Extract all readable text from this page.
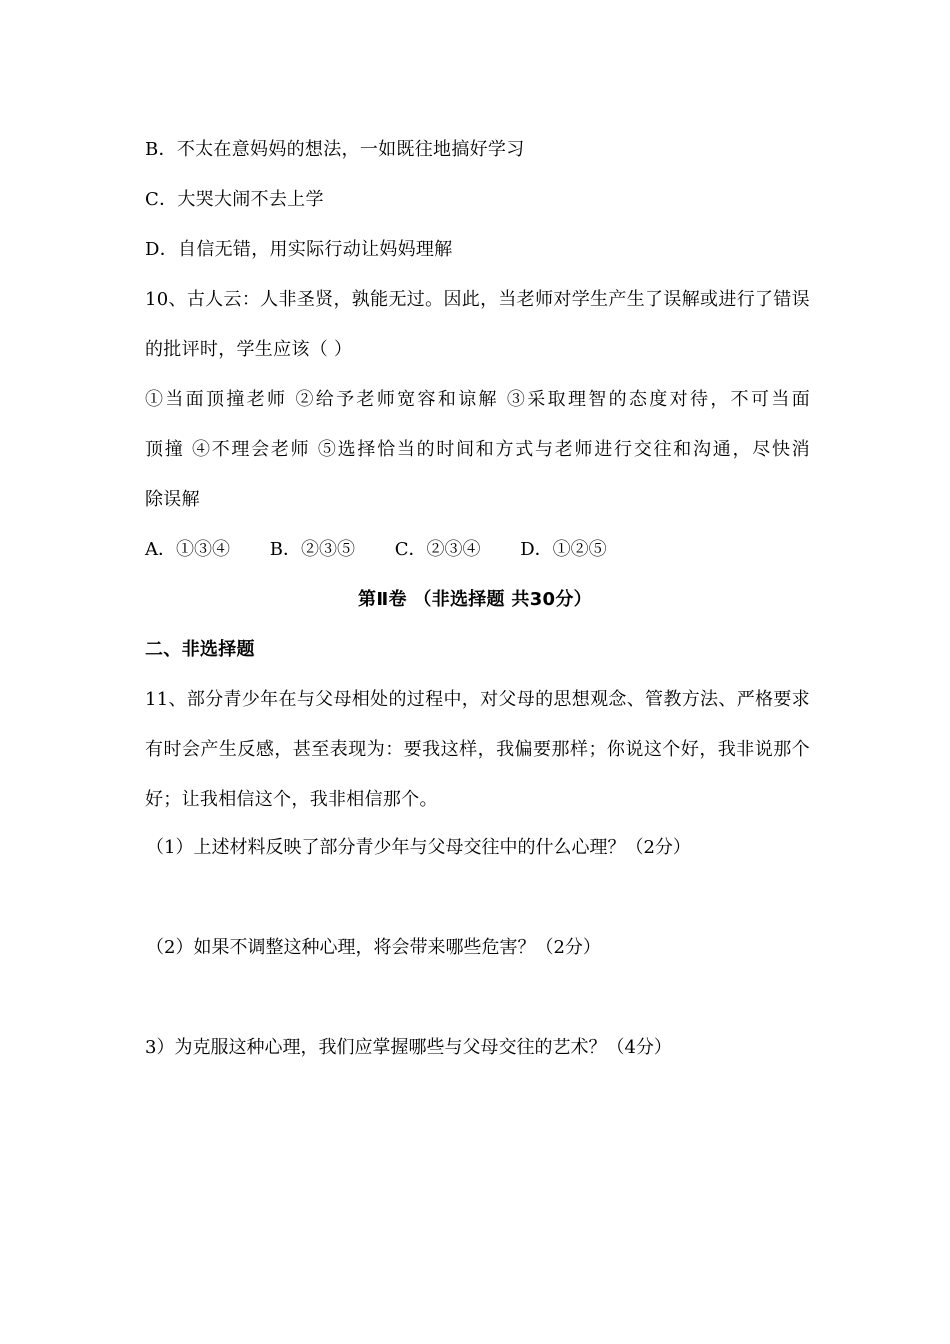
B．不太在意妈妈的想法，一如既往地搞好学习
C．大哭大闹不去上学
D．自信无错，用实际行动让妈妈理解
10、古人云：人非圣贤，孰能无过。因此，当老师对学生产生了误解或进行了错误
的批评时，学生应该（ ）
①当面顶撞老师 ②给予老师宽容和谅解 ③采取理智的态度对待，不可当面
顶撞 ④不理会老师 ⑤选择恰当的时间和方式与老师进行交往和沟通，尽快消
除误解
A．①③④ B．②③⑤ C．②③④ D．①②⑤
第Ⅱ卷 （非选择题 共30分）
二、非选择题
11、部分青少年在与父母相处的过程中，对父母的思想观念、管教方法、严格要求
有时会产生反感，甚至表现为：要我这样，我偏要那样；你说这个好，我非说那个
好；让我相信这个，我非相信那个。
（1）上述材料反映了部分青少年与父母交往中的什么心理？（2分）
（2）如果不调整这种心理，将会带来哪些危害？（2分）
3）为克服这种心理，我们应掌握哪些与父母交往的艺术？（4分）
